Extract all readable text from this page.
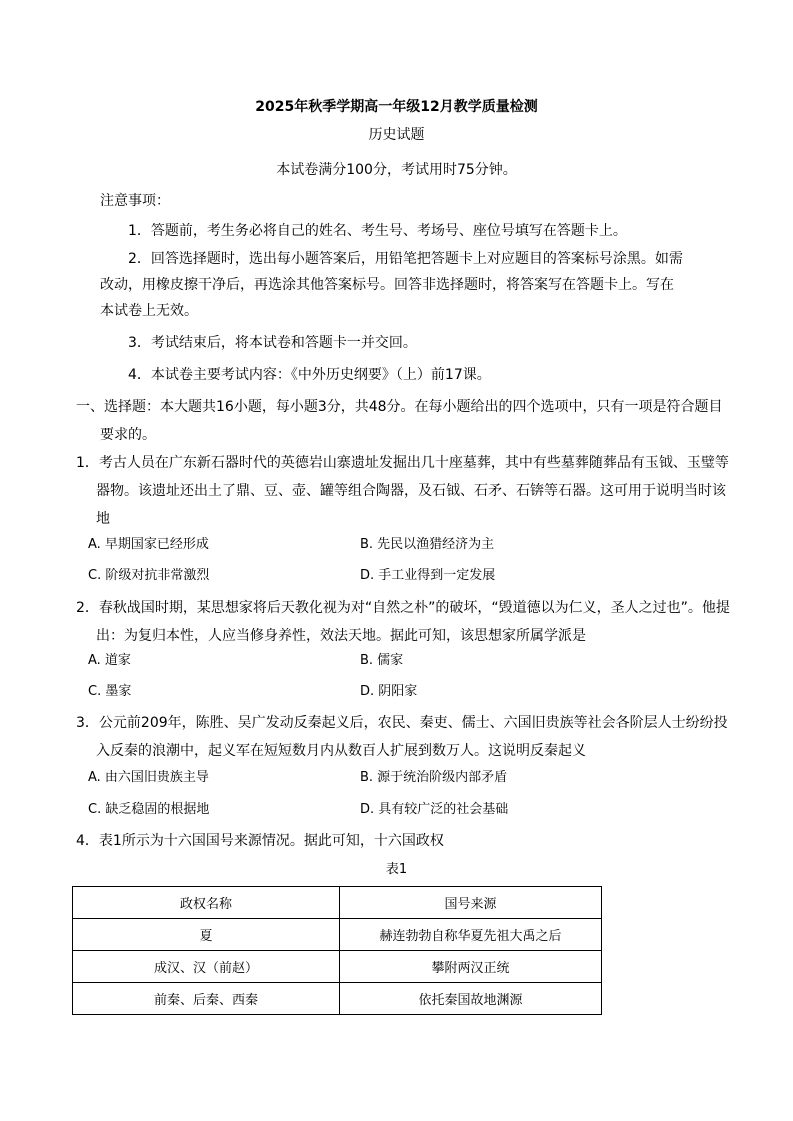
2025年秋季学期高一年级12月教学质量检测
历史试题
本试卷满分100分，考试用时75分钟。
注意事项：
1．答题前，考生务必将自己的姓名、考生号、考场号、座位号填写在答题卡上。
2．回答选择题时，选出每小题答案后，用铅笔把答题卡上对应题目的答案标号涂黑。如需改动，用橡皮擦干净后，再选涂其他答案标号。回答非选择题时，将答案写在答题卡上。写在本试卷上无效。
3．考试结束后，将本试卷和答题卡一并交回。
4．本试卷主要考试内容：《中外历史纲要》（上）前17课。
一、选择题：本大题共16小题，每小题3分，共48分。在每小题给出的四个选项中，只有一项是符合题目要求的。
1．考古人员在广东新石器时代的英德岩山寨遗址发掘出几十座墓葬，其中有些墓葬随葬品有玉钺、玉璧等器物。该遗址还出土了鼎、豆、壶、罐等组合陶器，及石钺、石矛、石锛等石器。这可用于说明当时该地
A. 早期国家已经形成	B. 先民以渔猎经济为主
C. 阶级对抗非常激烈	D. 手工业得到一定发展
2．春秋战国时期，某思想家将后天教化视为对“自然之朴”的破坏，“毁道德以为仁义，圣人之过也”。他提出：为复归本性，人应当修身养性，效法天地。据此可知，该思想家所属学派是
A. 道家	B. 儒家
C. 墨家	D. 阴阳家
3．公元前209年，陈胜、吴广发动反秦起义后，农民、秦吏、儒士、六国旧贵族等社会各阶层人士纷纷投入反秦的浪潮中，起义军在短短数月内从数百人扩展到数万人。这说明反秦起义
A. 由六国旧贵族主导	B. 源于统治阶级内部矛盾
C. 缺乏稳固的根据地	D. 具有较广泛的社会基础
4．表1所示为十六国国号来源情况。据此可知，十六国政权
表1
政权名称	国号来源
夏	赫连勃勃自称华夏先祖大禹之后
成汉、汉（前赵）	攀附两汉正统
前秦、后秦、西秦	依托秦国故地渊源
